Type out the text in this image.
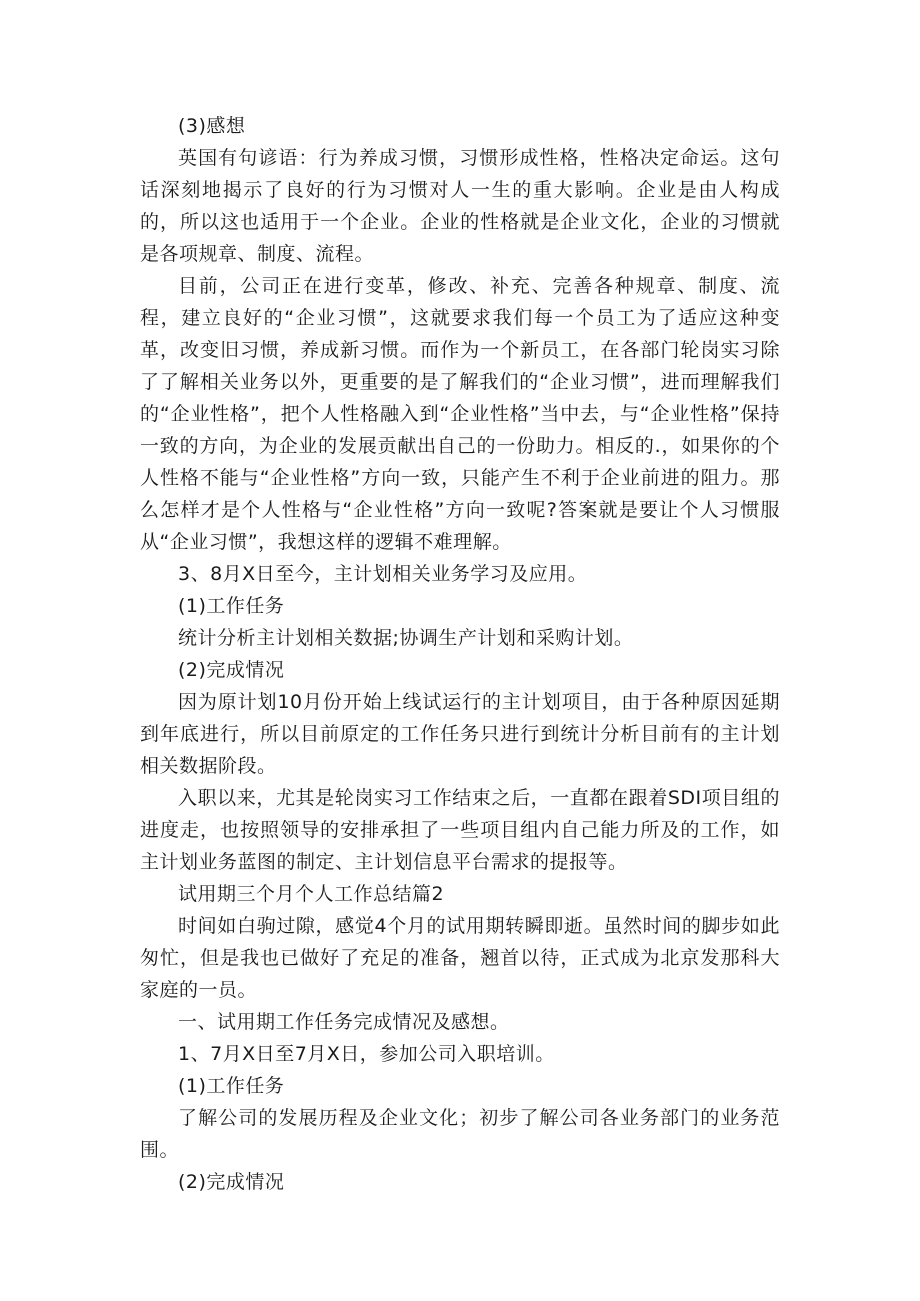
(3)感想

英国有句谚语：行为养成习惯，习惯形成性格，性格决定命运。这句话深刻地揭示了良好的行为习惯对人一生的重大影响。企业是由人构成的，所以这也适用于一个企业。企业的性格就是企业文化，企业的习惯就是各项规章、制度、流程。

目前，公司正在进行变革，修改、补充、完善各种规章、制度、流程，建立良好的“企业习惯”，这就要求我们每一个员工为了适应这种变革，改变旧习惯，养成新习惯。而作为一个新员工，在各部门轮岗实习除了了解相关业务以外，更重要的是了解我们的“企业习惯”，进而理解我们的“企业性格”，把个人性格融入到“企业性格”当中去，与“企业性格”保持一致的方向，为企业的发展贡献出自己的一份助力。相反的.，如果你的个人性格不能与“企业性格”方向一致，只能产生不利于企业前进的阻力。那么怎样才是个人性格与“企业性格”方向一致呢?答案就是要让个人习惯服从“企业习惯”，我想这样的逻辑不难理解。

3、8月X日至今，主计划相关业务学习及应用。

(1)工作任务

统计分析主计划相关数据;协调生产计划和采购计划。

(2)完成情况

因为原计划10月份开始上线试运行的主计划项目，由于各种原因延期到年底进行，所以目前原定的工作任务只进行到统计分析目前有的主计划相关数据阶段。

入职以来，尤其是轮岗实习工作结束之后，一直都在跟着SDI项目组的进度走，也按照领导的安排承担了一些项目组内自己能力所及的工作，如主计划业务蓝图的制定、主计划信息平台需求的提报等。

试用期三个月个人工作总结篇2

时间如白驹过隙，感觉4个月的试用期转瞬即逝。虽然时间的脚步如此匆忙，但是我也已做好了充足的准备，翘首以待，正式成为北京发那科大家庭的一员。

一、试用期工作任务完成情况及感想。

1、7月X日至7月X日，参加公司入职培训。

(1)工作任务

了解公司的发展历程及企业文化；初步了解公司各业务部门的业务范围。

(2)完成情况
